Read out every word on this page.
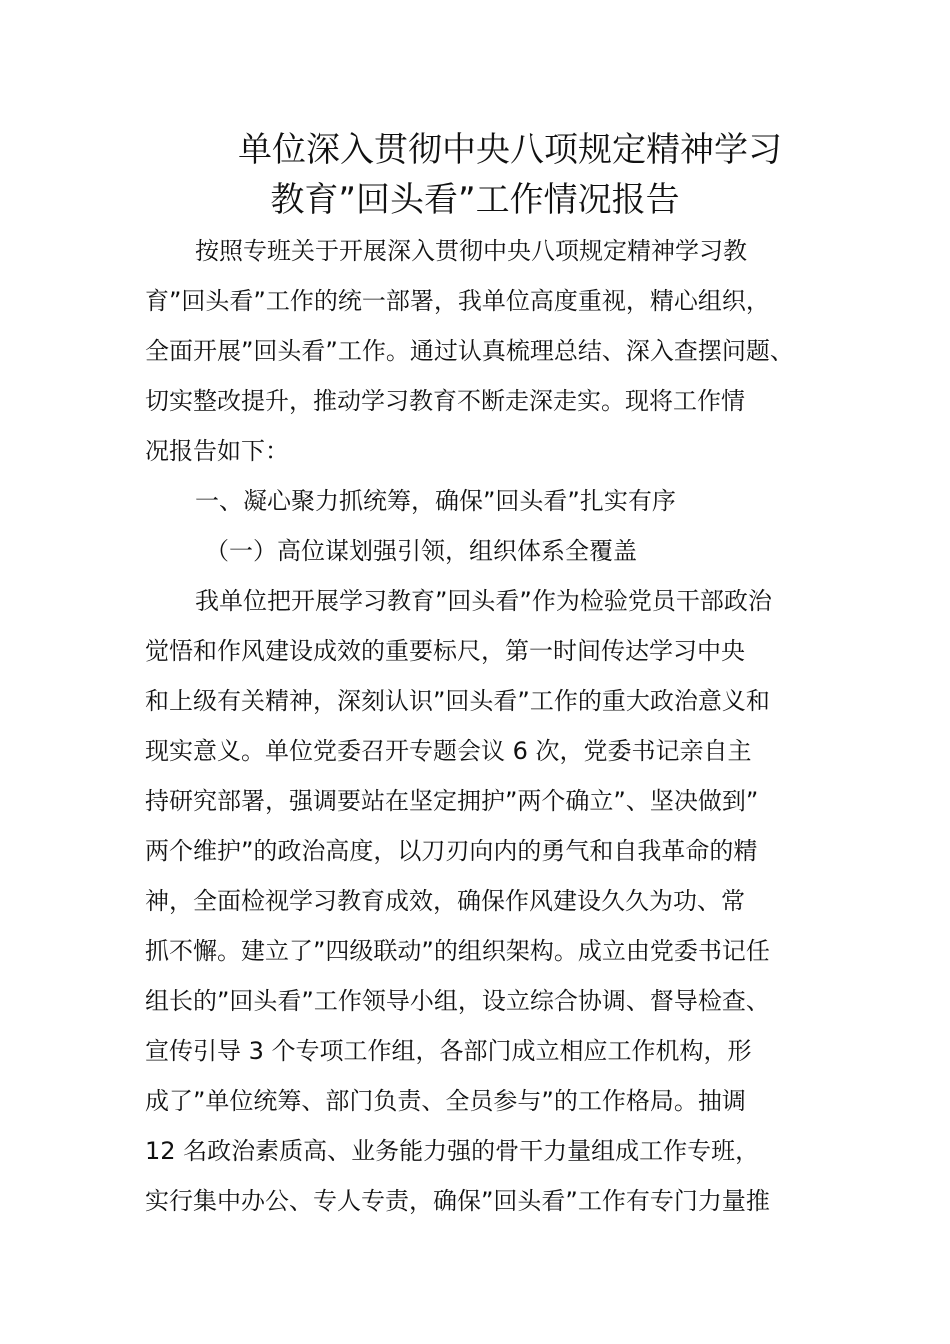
单位深入贯彻中央八项规定精神学习
教育”回头看”工作情况报告
按照专班关于开展深入贯彻中央八项规定精神学习教
育”回头看”工作的统一部署，我单位高度重视，精心组织，
全面开展”回头看”工作。通过认真梳理总结、深入查摆问题、
切实整改提升，推动学习教育不断走深走实。现将工作情
况报告如下：
一、凝心聚力抓统筹，确保”回头看”扎实有序
（一）高位谋划强引领，组织体系全覆盖
我单位把开展学习教育”回头看”作为检验党员干部政治
觉悟和作风建设成效的重要标尺，第一时间传达学习中央
和上级有关精神，深刻认识”回头看”工作的重大政治意义和
现实意义。单位党委召开专题会议 6 次，党委书记亲自主
持研究部署，强调要站在坚定拥护”两个确立”、坚决做到”
两个维护”的政治高度，以刀刃向内的勇气和自我革命的精
神，全面检视学习教育成效，确保作风建设久久为功、常
抓不懈。建立了”四级联动”的组织架构。成立由党委书记任
组长的”回头看”工作领导小组，设立综合协调、督导检查、
宣传引导 3 个专项工作组，各部门成立相应工作机构，形
成了”单位统筹、部门负责、全员参与”的工作格局。抽调
12 名政治素质高、业务能力强的骨干力量组成工作专班，
实行集中办公、专人专责，确保”回头看”工作有专门力量推
